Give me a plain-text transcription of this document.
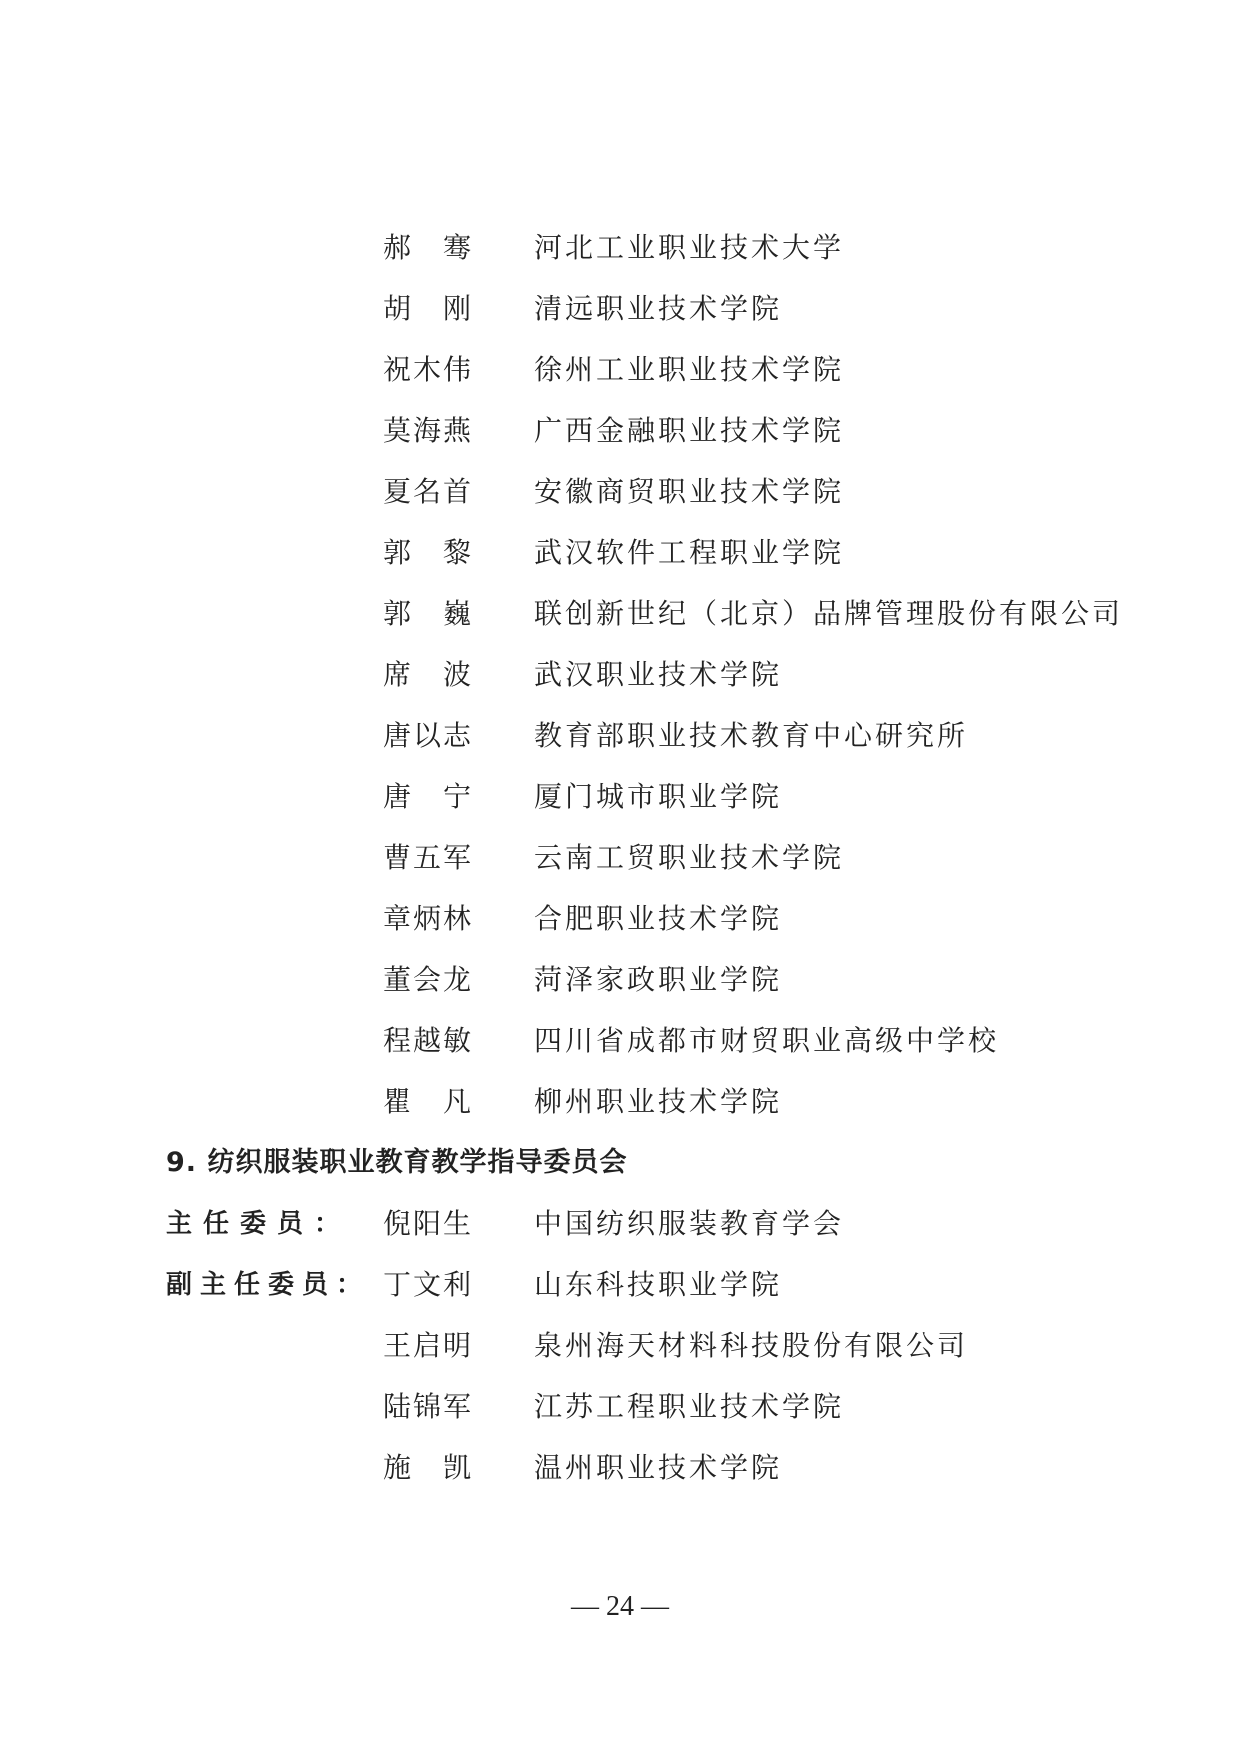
郝　骞	河北工业职业技术大学
胡　刚	清远职业技术学院
祝木伟	徐州工业职业技术学院
莫海燕	广西金融职业技术学院
夏名首	安徽商贸职业技术学院
郭　黎	武汉软件工程职业学院
郭　巍	联创新世纪（北京）品牌管理股份有限公司
席　波	武汉职业技术学院
唐以志	教育部职业技术教育中心研究所
唐　宁	厦门城市职业学院
曹五军	云南工贸职业技术学院
章炳林	合肥职业技术学院
董会龙	菏泽家政职业学院
程越敏	四川省成都市财贸职业高级中学校
瞿　凡	柳州职业技术学院
9. 纺织服装职业教育教学指导委员会
主任委员：	倪阳生	中国纺织服装教育学会
副主任委员： 丁文利	山东科技职业学院
王启明	泉州海天材料科技股份有限公司
陆锦军	江苏工程职业技术学院
施　凯	温州职业技术学院
— 24 —
